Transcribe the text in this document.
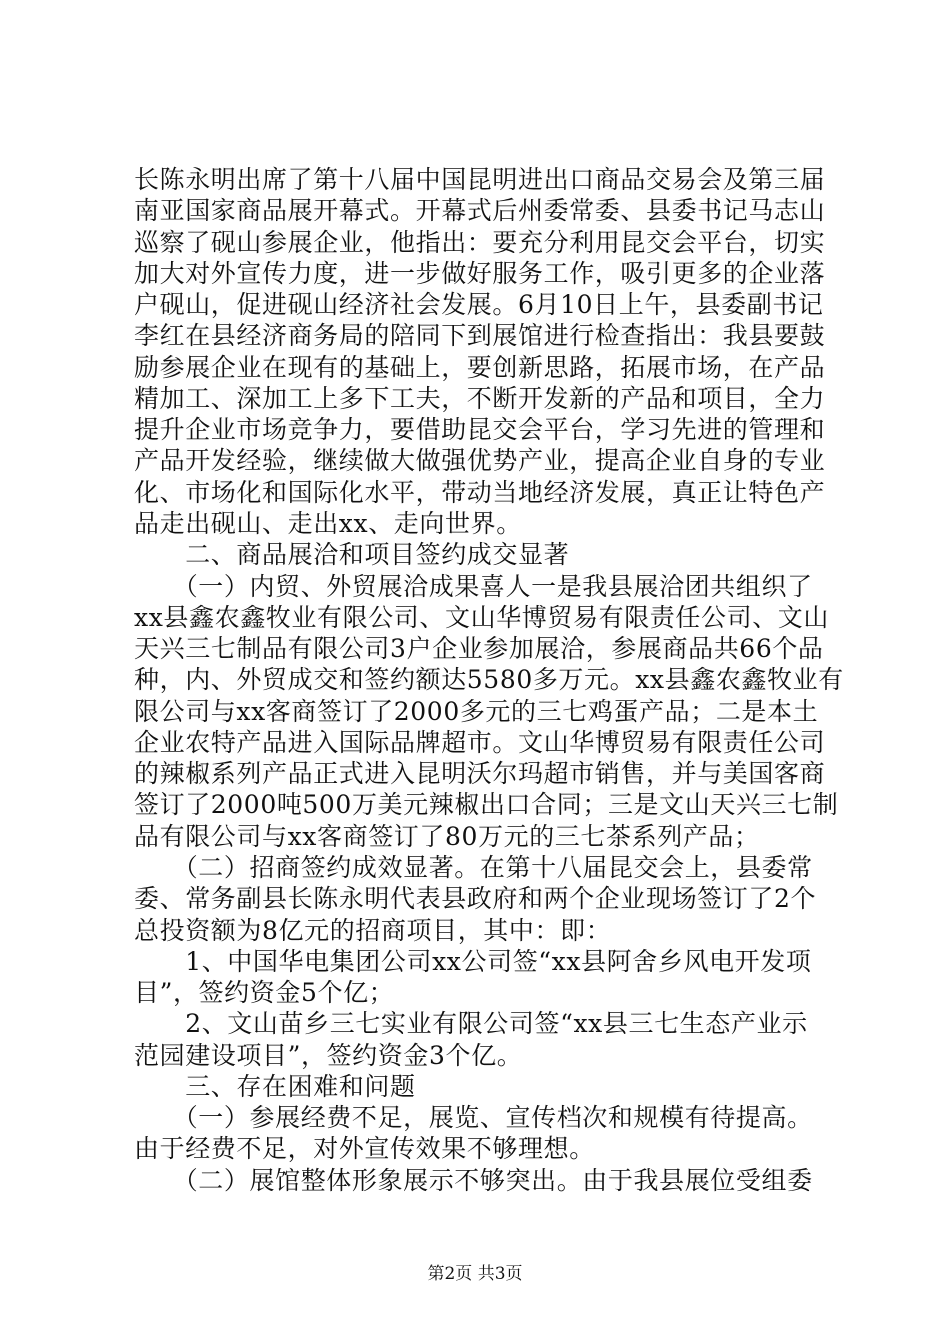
长陈永明出席了第十八届中国昆明进出口商品交易会及第三届
南亚国家商品展开幕式。开幕式后州委常委、县委书记马志山
巡察了砚山参展企业，他指出：要充分利用昆交会平台，切实
加大对外宣传力度，进一步做好服务工作，吸引更多的企业落
户砚山，促进砚山经济社会发展。6月10日上午，县委副书记
李红在县经济商务局的陪同下到展馆进行检查指出：我县要鼓
励参展企业在现有的基础上，要创新思路，拓展市场，在产品
精加工、深加工上多下工夫，不断开发新的产品和项目，全力
提升企业市场竞争力，要借助昆交会平台，学习先进的管理和
产品开发经验，继续做大做强优势产业，提高企业自身的专业
化、市场化和国际化水平，带动当地经济发展，真正让特色产
品走出砚山、走出xx、走向世界。
　　二、商品展洽和项目签约成交显著
　　（一）内贸、外贸展洽成果喜人一是我县展洽团共组织了
xx县鑫农鑫牧业有限公司、文山华博贸易有限责任公司、文山
天兴三七制品有限公司3户企业参加展洽，参展商品共66个品
种，内、外贸成交和签约额达5580多万元。xx县鑫农鑫牧业有
限公司与xx客商签订了2000多元的三七鸡蛋产品；二是本土
企业农特产品进入国际品牌超市。文山华博贸易有限责任公司
的辣椒系列产品正式进入昆明沃尔玛超市销售，并与美国客商
签订了2000吨500万美元辣椒出口合同；三是文山天兴三七制
品有限公司与xx客商签订了80万元的三七茶系列产品；
　　（二）招商签约成效显著。在第十八届昆交会上，县委常
委、常务副县长陈永明代表县政府和两个企业现场签订了2个
总投资额为8亿元的招商项目，其中：即：
　　1、中国华电集团公司xx公司签“xx县阿舍乡风电开发项
目”，签约资金5个亿；
　　2、文山苗乡三七实业有限公司签“xx县三七生态产业示
范园建设项目”，签约资金3个亿。
　　三、存在困难和问题
　　（一）参展经费不足，展览、宣传档次和规模有待提高。
由于经费不足，对外宣传效果不够理想。
　　（二）展馆整体形象展示不够突出。由于我县展位受组委
第2页 共3页
